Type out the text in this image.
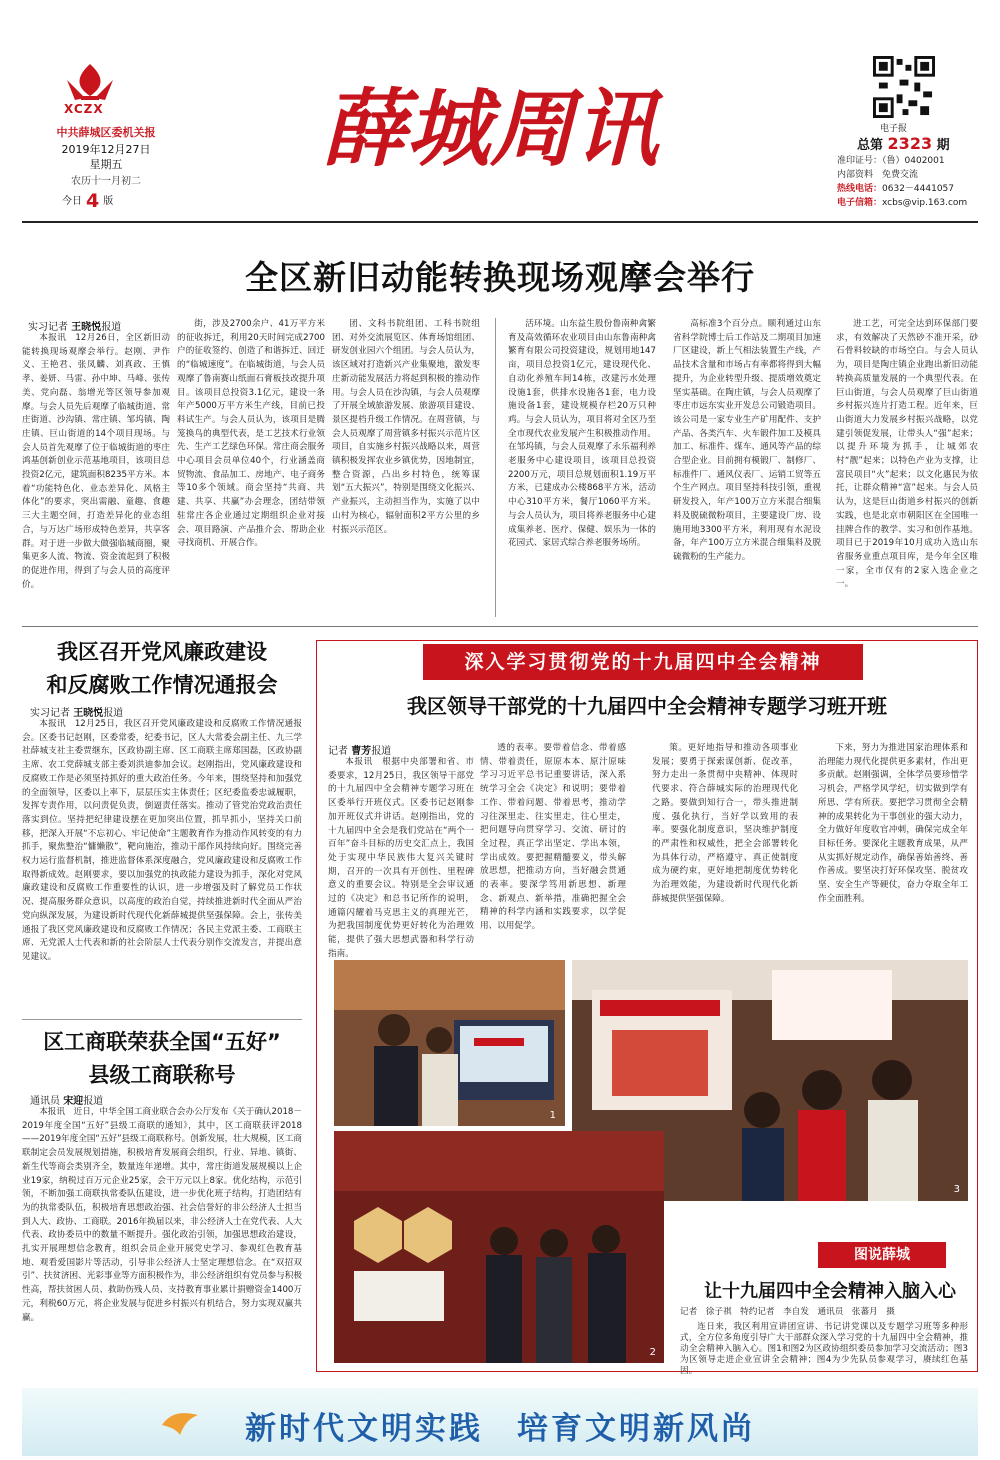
XCZX
中共薛城区委机关报
2019年12月27日
星期五
农历十一月初二
今日 4 版
薛城周讯	电子报
总第 2323 期
准印证号：（鲁）0402001
内部资料　免费交流
热线电话：0632－4441057
电子信箱：xcbs@vip.163.com
全区新旧动能转换现场观摩会举行
实习记者 王晓悦报道

本报讯　12月26日，全区新旧动能转换现场观摩会举行。赵刚、尹作义、王艳君、张凤麟、刘真政、王慎孝、姜妍、马雷、孙中坤、马峰、张传美、党向磊、翁增光等区领导参加观摩。与会人员先后观摩了临城街道、常庄街道、沙沟镇、常庄镇、邹坞镇、陶庄镇、巨山街道的14个项目现场。与会人员首先观摩了位于临城街道的枣庄鸿基创新创业示范基地项目，该项目总投资2亿元，建筑面积8235平方米。本着“功能特色化、业态差异化、风格主体化”的要求，突出需融、童趣、食趣三大主题空间，打造差异化的业态组合，与万达广场形成特色差异，共享客群。对于进一步做大做强临城商圈，聚集更多人流、物流、资金流起到了积极的促进作用，得到了与会人员的高度评价。

街，涉及2700余户、41万平方米的征收拆迁，利用20天时间完成2700户的征收签约、创造了和谐拆迁、回迁的“临城速度”。在临城街道，与会人员观摩了鲁南赛山纸面石膏板技改提升项目。该项目总投资3.1亿元，建设一条年产5000万平方米生产线，目前已投料试生产。与会人员认为，该项目是腾笼换鸟的典型代表，是工艺技术行业领先、生产工艺绿色环保。常庄商会服务中心项目会员单位40个，行业涵盖商贸物流、食品加工、房地产、电子商务等10多个领域。商会坚持“共商、共建、共享、共赢”办会理念，团结带领驻常庄各企业通过定期组织企业对接会、项目路演、产品推介会、帮助企业寻找商机、开展合作。

团、文科书院组团、工科书院组团、对外交流展览区、体育场馆组团、研发创业园六个组团。与会人员认为，该区域对打造新兴产业集聚地，激发枣庄新动能发展活力将起到积极的推动作用。与会人员在沙沟镇，与会人员观摩了开展全域旅游发展、旅游项目建设、景区提档升级工作情况。在周营镇，与会人员观摩了周营镇多村振兴示范片区项目，自实施乡村振兴战略以来，周营镇积极发挥农业乡镇优势，因地制宜，整合资源，凸出乡村特色，统筹谋划“五大振兴”，特别是围绕文化振兴、产业振兴，主动担当作为，实施了以中山村为核心，辐射面积2平方公里的乡村振兴示范区。

活环境。山东益生股份鲁南种禽繁育及高效循环农业项目由山东鲁南种禽繁育有限公司投资建设，规划用地147亩，项目总投资1亿元，建设现代化、自动化养殖车间14栋，改建污水处理设施1套，供排水设施各1套，电力设施设备1套，建设规模存栏20万只种鸡。与会人员认为，项目将对全区乃至全市现代农业发展产生积极推动作用。在邹坞镇，与会人员观摩了永乐福利养老服务中心建设项目，该项目总投资2200万元，项目总规划面积1.19万平方米，已建成办公楼868平方米，活动中心310平方米，餐厅1060平方米。与会人员认为，项目将养老服务中心建成集养老、医疗、保健、娱乐为一体的花园式、家居式综合养老服务场所。

高标准3个百分点。顺利通过山东省科学院博士后工作站及二期项目加速厂区建设，新上气相法装置生产线，产品技术含量和市场占有率都将得到大幅提升，为企业转型升级、提质增效奠定坚实基础。在陶庄镇，与会人员观摩了枣庄市远东实业开发总公司锻造项目。该公司是一家专业生产矿用配件、支护产品、各类汽车、火车锻件加工及模具加工、标准件、煤车、通风等产品的综合型企业。目前拥有模锻厂、制修厂、标准件厂、通风仪表厂、运销工贸等五个生产网点。项目坚持科技引领，重视研发投入，年产100万立方米混合细集料及脱硫微粉项目，主要建设厂房、设施用地3300平方米，利用现有水泥设备，年产100万立方米混合细集料及脱硫微粉的生产能力。

进工艺，可完全达到环保部门要求，有效解决了天然砂不准开采，砂石骨料较缺的市场空白。与会人员认为，项目是陶庄镇企业跑出新旧动能转换高质量发展的一个典型代表。在巨山街道，与会人员观摩了巨山街道乡村振兴连片打造工程。近年来，巨山街道大力发展乡村振兴战略，以党建引领促发展，让带头人“强”起来；以提升环境为抓手，让城郊农村“靓”起来；以特色产业为支撑，让富民项目“火”起来；以文化惠民为依托，让群众精神“富”起来。与会人员认为，这是巨山街道乡村振兴的创新实践，也是北京市朝阳区在全国唯一挂牌合作的教学、实习和创作基地。项目已于2019年10月成功入选山东省服务业重点项目库，是今年全区唯一家，全市仅有的2家入选企业之一。

我区召开党风廉政建设
和反腐败工作情况通报会
实习记者 王晓悦报道

本报讯　12月25日，我区召开党风廉政建设和反腐败工作情况通报会。区委书记赵刚，区委常委，纪委书记，区人大常委会副主任、九三学社薛城支社主委贾继东，区政协副主席、区工商联主席郑国磊，区政协副主席、农工党薛城支部主委刘洪迪参加会议。赵刚指出，党风廉政建设和反腐败工作是必须坚持抓好的重大政治任务。今年来，围绕坚持和加强党的全面领导，区委以上率下，层层压实主体责任；区纪委监委忠诚履职，发挥专责作用，以问责促负责，倒逼责任落实。推动了管党治党政治责任落实到位。坚持把纪律建设摆在更加突出位置，抓早抓小，坚持关口前移，把深入开展“不忘初心、牢记使命”主题教育作为推动作风转变的有力抓手，聚焦整治“慵懒散”，靶向施治，推动干部作风持续向好。围绕完善权力运行监督机制，推进监督体系深度融合，党风廉政建设和反腐败工作取得新成效。赵刚要求，要以加强党的执政能力建设为抓手，深化对党风廉政建设和反腐败工作重要性的认识，进一步增强及时了解党员工作状况、提高服务群众意识，以高度的政治自觉，持续推进新时代全面从严治党向纵深发展，为建设新时代现代化新薛城提供坚强保障。会上，张传美通报了我区党风廉政建设和反腐败工作情况；各民主党派主委、工商联主席、无党派人士代表和新的社会阶层人士代表分别作交流发言，并提出意见建议。

区工商联荣获全国“五好”
县级工商联称号
通讯员 宋迎报道

本报讯　近日，中华全国工商业联合会办公厅发布《关于确认2018－2019年度全国“五好”县级工商联的通知》，其中，区工商联获评2018——2019年度全国“五好”县级工商联称号。创新发展，壮大规模，区工商联制定会员发展规划措施，积极培育发展商会组织，行业、异地、镇街、新生代等商会类别齐全，数量连年递增。其中，常庄街道发展规模以上企业19家，纳税过百万元企业25家，会干万元以上8家。优化结构，示范引领，不断加强工商联执常委队伍建设，进一步优化班子结构，打造团结有为的执常委队伍，积极培育思想政治强、社会信誉好的非公经济人士担当到人大、政协、工商联。2016年换届以来，非公经济人士在党代表、人大代表、政协委员中的数量不断提升。强化政治引领，加强思想政治建设，扎实开展理想信念教育，组织会员企业开展党史学习、参观红色教育基地、观看爱国影片等活动，引导非公经济人士坚定理想信念。在“双招双引”、扶贫济困、光彩事业等方面积极作为，非公经济组织有党员参与积极性高，帮扶贫困人员、救助伤残人员、支持教育事业累计捐赠资金1400万元，利税60万元，将企业发展与促进乡村振兴有机结合，努力实现双赢共赢。

深入学习贯彻党的十九届四中全会精神
我区领导干部党的十九届四中全会精神专题学习班开班
记者 曹芳报道

本报讯　根据中央部署和省、市委要求，12月25日，我区领导干部党的十九届四中全会精神专题学习班在区委举行开班仪式。区委书记赵刚参加开班仪式并讲话。赵刚指出，党的十九届四中全会是我们党站在“两个一百年”奋斗目标的历史交汇点上，我国处于实现中华民族伟大复兴关键时期，召开的一次具有开创性、里程碑意义的重要会议。特别是全会审议通过的《决定》和总书记所作的说明，通篇闪耀着马克思主义的真理光芒，为把我国制度优势更好转化为治理效能，提供了强大思想武器和科学行动指南。

透的表率。要带着信念、带着感情、带着责任，原原本本、原汁原味学习习近平总书记重要讲话，深入系统学习全会《决定》和说明；要带着工作、带着问题、带着思考，推动学习往深里走、往实里走，往心里走，把问题导向贯穿学习、交流、研讨的全过程，真正学出坚定、学出本领，学出成效。要把握精髓要义，带头解放思想，把推动方向，当好融会贯通的表率。要深学笃用新思想、新理念、新观点、新举措，准确把握全会精神的科学内涵和实践要求，以学促用、以用促学。

策。更好地指导和推动各项事业发展；要勇于探索谋创新、促改革，努力走出一条贯彻中央精神、体现时代要求、符合薛城实际的治理现代化之路。要做到知行合一，带头推进制度、强化执行，当好学以致用的表率。要强化制度意识，坚决维护制度的严肃性和权威性，把全会部署转化为具体行动，严格遵守、真正使制度成为硬约束，更好地把制度优势转化为治理效能，为建设新时代现代化新薛城提供坚强保障。

下来，努力为推进国家治理体系和治理能力现代化提供更多素材，作出更多贡献。赵刚强调，全体学员要珍惜学习机会，严格学风学纪，切实做到学有所思、学有所获。要把学习贯彻全会精神的成果转化为干事创业的强大动力，全力做好年度收官冲刺，确保完成全年目标任务。要深化主题教育成果，从严从实抓好规定动作，确保善始善终、善作善成。要坚决打好环保攻坚、脱贫攻坚、安全生产等硬仗，奋力夺取全年工作全面胜利。

1
3
2
图说薛城
让十九届四中全会精神入脑入心

记者　徐子祺　特约记者　李自发　通讯员　张蕃月　摄

连日来，我区利用宣讲团宣讲、书记讲党课以及专题学习班等多种形式，全方位多角度引导广大干部群众深入学习党的十九届四中全会精神，推动全会精神入脑入心。图1和图2为区政协组织委员参加学习交流活动；图3为区领导走进企业宣讲全会精神；图4为少先队员参观学习，赓续红色基因。

新时代文明实践　培育文明新风尚
